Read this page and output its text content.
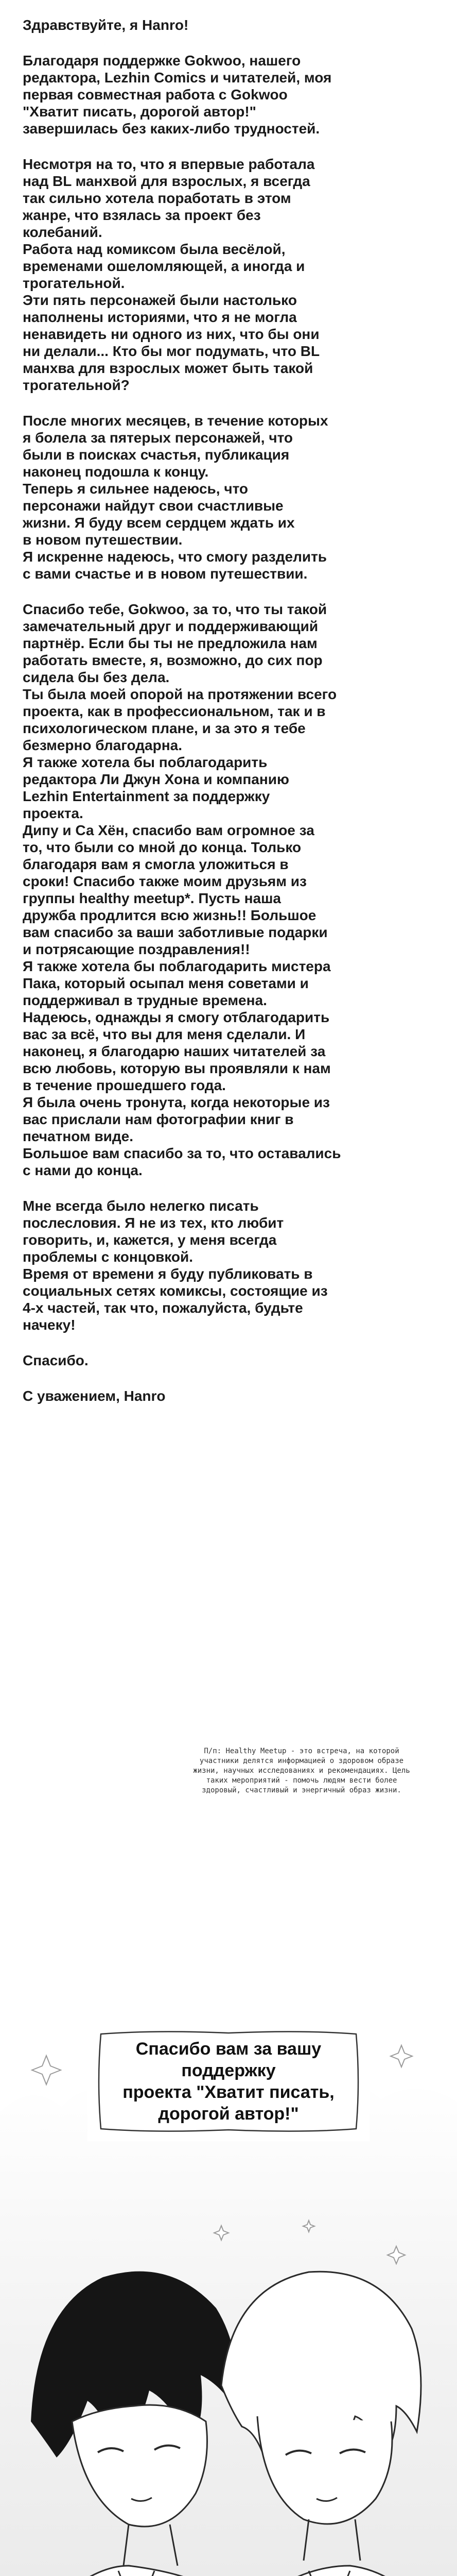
Здравствуйте, я Hanro!

Благодаря поддержке Gokwoo, нашего
редактора, Lezhin Comics и читателей, моя
первая совместная работа с Gokwoo
"Хватит писать, дорогой автор!"
завершилась без каких-либо трудностей.

Несмотря на то, что я впервые работала
над BL манхвой для взрослых, я всегда
так сильно хотела поработать в этом
жанре, что взялась за проект без
колебаний.
Работа над комиксом была весёлой,
временами ошеломляющей, а иногда и
трогательной.
Эти пять персонажей были настолько
наполнены историями, что я не могла
ненавидеть ни одного из них, что бы они
ни делали... Кто бы мог подумать, что BL
манхва для взрослых может быть такой
трогательной?

После многих месяцев, в течение которых
я болела за пятерых персонажей, что
были в поисках счастья, публикация
наконец подошла к концу.
Теперь я сильнее надеюсь, что
персонажи найдут свои счастливые
жизни. Я буду всем сердцем ждать их
в новом путешествии.
Я искренне надеюсь, что смогу разделить
с вами счастье и в новом путешествии.

Спасибо тебе, Gokwoo, за то, что ты такой
замечательный друг и поддерживающий
партнёр. Если бы ты не предложила нам
работать вместе, я, возможно, до сих пор
сидела бы без дела.
Ты была моей опорой на протяжении всего
проекта, как в профессиональном, так и в
психологическом плане, и за это я тебе
безмерно благодарна.
Я также хотела бы поблагодарить
редактора Ли Джун Хона и компанию
Lezhin Entertainment за поддержку
проекта.
Дипу и Са Хён, спасибо вам огромное за
то, что были со мной до конца. Только
благодаря вам я смогла уложиться в
сроки! Спасибо также моим друзьям из
группы healthy meetup*. Пусть наша
дружба продлится всю жизнь!! Большое
вам спасибо за ваши заботливые подарки
и потрясающие поздравления!!
Я также хотела бы поблагодарить мистера
Пака, который осыпал меня советами и
поддерживал в трудные времена.
Надеюсь, однажды я смогу отблагодарить
вас за всё, что вы для меня сделали. И
наконец, я благодарю наших читателей за
всю любовь, которую вы проявляли к нам
в течение прошедшего года.
Я была очень тронута, когда некоторые из
вас прислали нам фотографии книг в
печатном виде.
Большое вам спасибо за то, что оставались
с нами до конца.

Мне всегда было нелегко писать
послесловия. Я не из тех, кто любит
говорить, и, кажется, у меня всегда
проблемы с концовкой.
Время от времени я буду публиковать в
социальных сетях комиксы, состоящие из
4-х частей, так что, пожалуйста, будьте
начеку!

Спасибо.

С уважением, Hanro

П/п: Healthy Meetup - это встреча, на которой
участники делятся информацией о здоровом образе
жизни, научных исследованиях и рекомендациях. Цель
таких мероприятий - помочь людям вести более
здоровый, счастливый и энергичный образ жизни.
Спасибо вам за вашу поддержку
проекта "Хватит писать,
дорогой автор!"
